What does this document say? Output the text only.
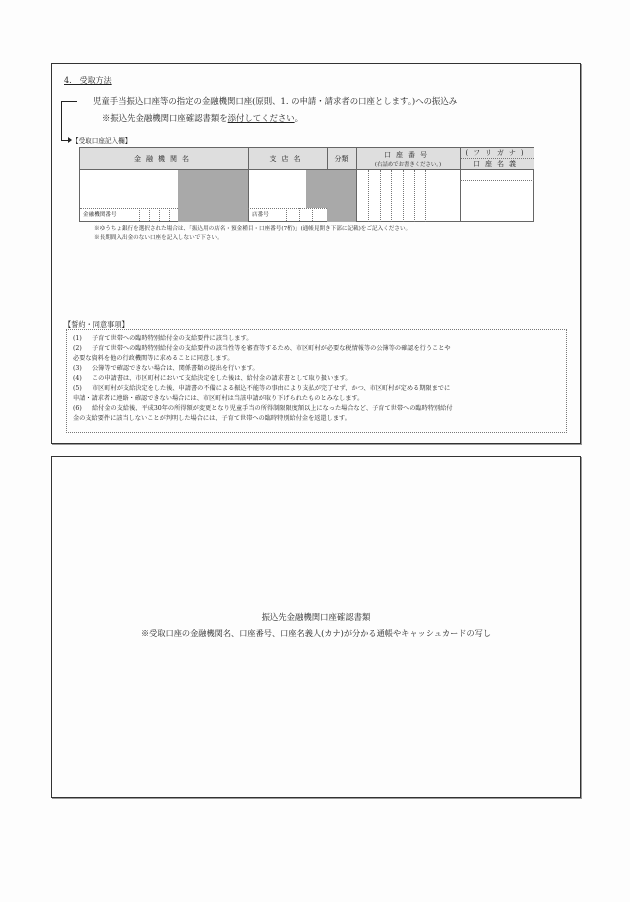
4.　受取方法
児童手当振込口座等の指定の金融機関口座(原則、1. の申請・請求者の口座とします。)への振込み
※振込先金融機関口座確認書類を添付してください。
【受取口座記入欄】
金融機関名	支店名	分類	口座番号
(右詰めでお書きください。)
(フリガナ)
口座名義
金融機関番号	店番号
※ゆうちょ銀行を選択された場合は、「振込用の店名・預金種目・口座番号(7桁)」(通帳見開き下部に記載)をご記入ください。
※長期間入出金のない口座を記入しないで下さい。
【誓約・同意事項】
(1) 子育て世帯への臨時特別給付金の支給要件に該当します。
(2) 子育て世帯への臨時特別給付金の支給要件の該当性等を審査等するため、市区町村が必要な税情報等の公簿等の確認を行うことや
必要な資料を他の行政機関等に求めることに同意します。
(3) 公簿等で確認できない場合は、関係書類の提出を行います。
(4) この申請書は、市区町村において支給決定をした後は、給付金の請求書として取り扱います。
(5) 市区町村が支給決定をした後、申請書の不備による振込不能等の事由により支払が完了せず、かつ、市区町村が定める期限までに
申請・請求者に連絡・確認できない場合には、市区町村は当該申請が取り下げられたものとみなします。
(6) 給付金の支給後、平成30年の所得額が変更となり児童手当の所得制限限度額以上になった場合など、子育て世帯への臨時特別給付
金の支給要件に該当しないことが判明した場合には、子育て世帯への臨時特別給付金を返還します。
振込先金融機関口座確認書類
※受取口座の金融機関名、口座番号、口座名義人(カナ)が分かる通帳やキャッシュカードの写し
